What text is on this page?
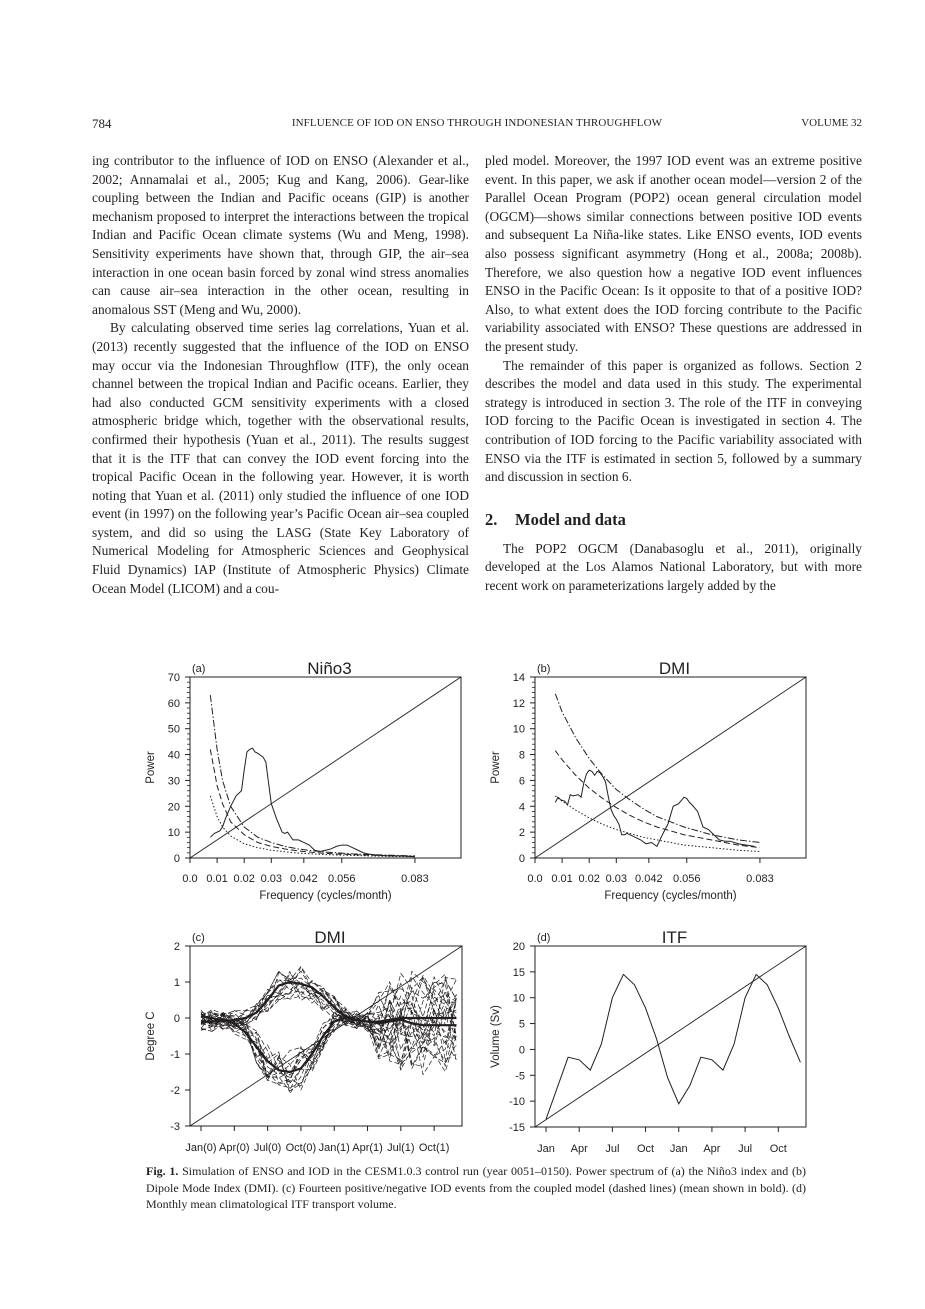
784	INFLUENCE OF IOD ON ENSO THROUGH INDONESIAN THROUGHFLOW	VOLUME 32

ing contributor to the influence of IOD on ENSO (Alexander et al., 2002; Annamalai et al., 2005; Kug and Kang, 2006). Gear-like coupling between the Indian and Pacific oceans (GIP) is another mechanism proposed to interpret the interactions between the tropical Indian and Pacific Ocean climate systems (Wu and Meng, 1998). Sensitivity experiments have shown that, through GIP, the air–sea interaction in one ocean basin forced by zonal wind stress anomalies can cause air–sea interaction in the other ocean, resulting in anomalous SST (Meng and Wu, 2000).

By calculating observed time series lag correlations, Yuan et al. (2013) recently suggested that the influence of the IOD on ENSO may occur via the Indonesian Throughflow (ITF), the only ocean channel between the tropical Indian and Pacific oceans. Earlier, they had also conducted GCM sensitivity experiments with a closed atmospheric bridge which, together with the observational results, confirmed their hypothesis (Yuan et al., 2011). The results suggest that it is the ITF that can convey the IOD event forcing into the tropical Pacific Ocean in the following year. However, it is worth noting that Yuan et al. (2011) only studied the influence of one IOD event (in 1997) on the following year’s Pacific Ocean air–sea coupled system, and did so using the LASG (State Key Laboratory of Numerical Modeling for Atmospheric Sciences and Geophysical Fluid Dynamics) IAP (Institute of Atmospheric Physics) Climate Ocean Model (LICOM) and a cou-

pled model. Moreover, the 1997 IOD event was an extreme positive event. In this paper, we ask if another ocean model—version 2 of the Parallel Ocean Program (POP2) ocean general circulation model (OGCM)—shows similar connections between positive IOD events and subsequent La Niña-like states. Like ENSO events, IOD events also possess significant asymmetry (Hong et al., 2008a; 2008b). Therefore, we also question how a negative IOD event influences ENSO in the Pacific Ocean: Is it opposite to that of a positive IOD? Also, to what extent does the IOD forcing contribute to the Pacific variability associated with ENSO? These questions are addressed in the present study.

The remainder of this paper is organized as follows. Section 2 describes the model and data used in this study. The experimental strategy is introduced in section 3. The role of the ITF in conveying IOD forcing to the Pacific Ocean is investigated in section 4. The contribution of IOD forcing to the Pacific variability associated with ENSO via the ITF is estimated in section 5, followed by a summary and discussion in section 6.

2. Model and data

The POP2 OGCM (Danabasoglu et al., 2011), originally developed at the Los Alamos National Laboratory, but with more recent work on parameterizations largely added by the

(a)	Niño3
0
10
20
30
40
50
60
70
Power
0.0 0.01 0.02 0.03 0.042 0.056	0.083
Frequency (cycles/month)
(b)	DMI
0
2
4
6
8
10
12
14
Power
0.0 0.01 0.02 0.03 0.042 0.056	0.083
Frequency (cycles/month)
(c)	DMI
-3
-2
-1
0
1
2
Degree C
Jan(0) Apr(0) Jul(0) Oct(0) Jan(1) Apr(1) Jul(1) Oct(1)
(d)	ITF
-15
-10
-5
0
5
10
15
20
Volume (Sv)
Jan Apr Jul Oct Jan Apr Jul Oct
Fig. 1. Simulation of ENSO and IOD in the CESM1.0.3 control run (year 0051–0150). Power spectrum of (a) the Niño3 index and (b) Dipole Mode Index (DMI). (c) Fourteen positive/negative IOD events from the coupled model (dashed lines) (mean shown in bold). (d) Monthly mean climatological ITF transport volume.
